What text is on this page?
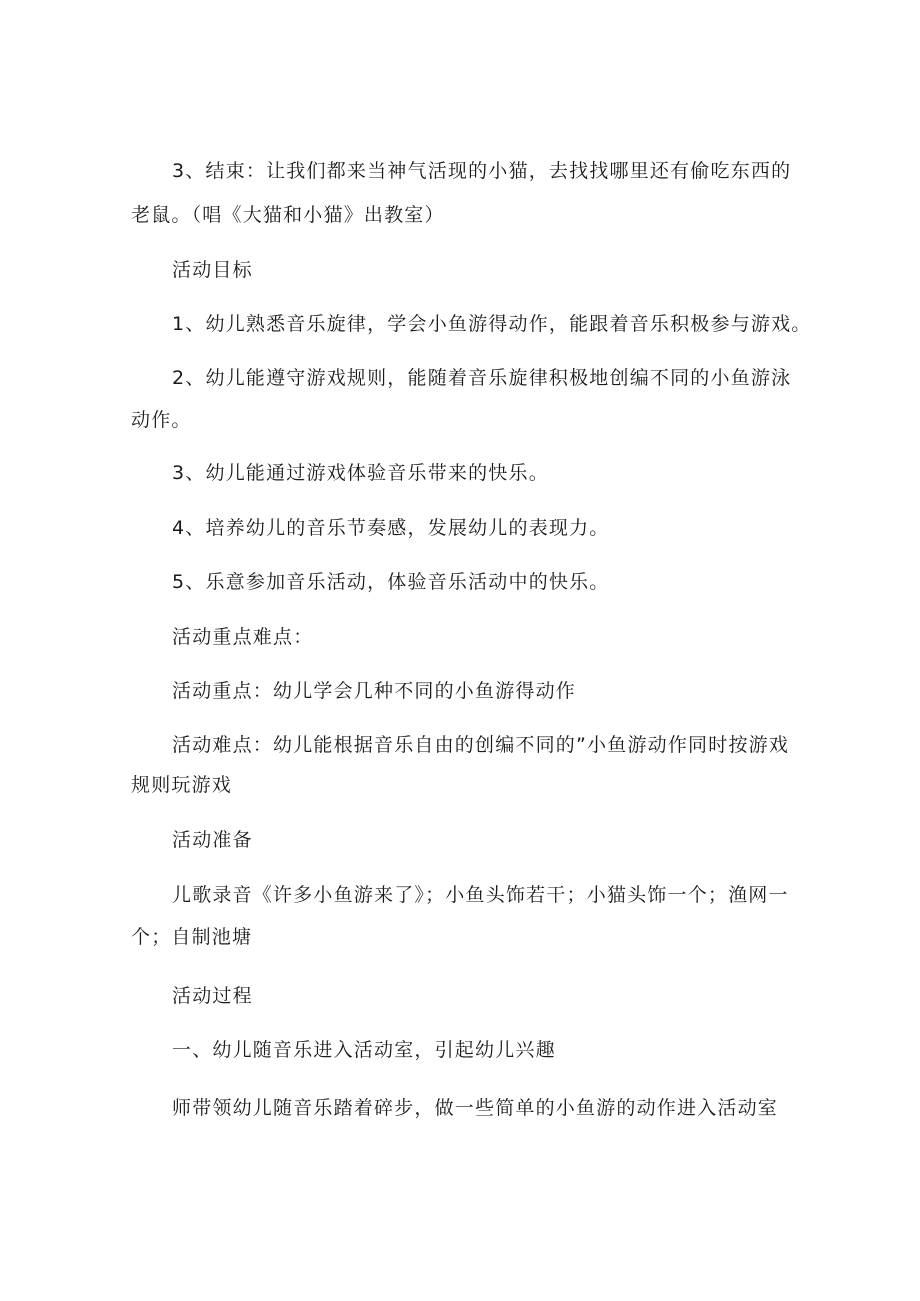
3、结束：让我们都来当神气活现的小猫，去找找哪里还有偷吃东西的
老鼠。（唱《大猫和小猫》出教室）
活动目标
1、幼儿熟悉音乐旋律，学会小鱼游得动作，能跟着音乐积极参与游戏。
2、幼儿能遵守游戏规则，能随着音乐旋律积极地创编不同的小鱼游泳
动作。
3、幼儿能通过游戏体验音乐带来的快乐。
4、培养幼儿的音乐节奏感，发展幼儿的表现力。
5、乐意参加音乐活动，体验音乐活动中的快乐。
活动重点难点：
活动重点：幼儿学会几种不同的小鱼游得动作
活动难点：幼儿能根据音乐自由的创编不同的”小鱼游动作同时按游戏
规则玩游戏
活动准备
儿歌录音《许多小鱼游来了》；小鱼头饰若干；小猫头饰一个；渔网一
个；自制池塘
活动过程
一、幼儿随音乐进入活动室，引起幼儿兴趣
师带领幼儿随音乐踏着碎步，做一些简单的小鱼游的动作进入活动室
